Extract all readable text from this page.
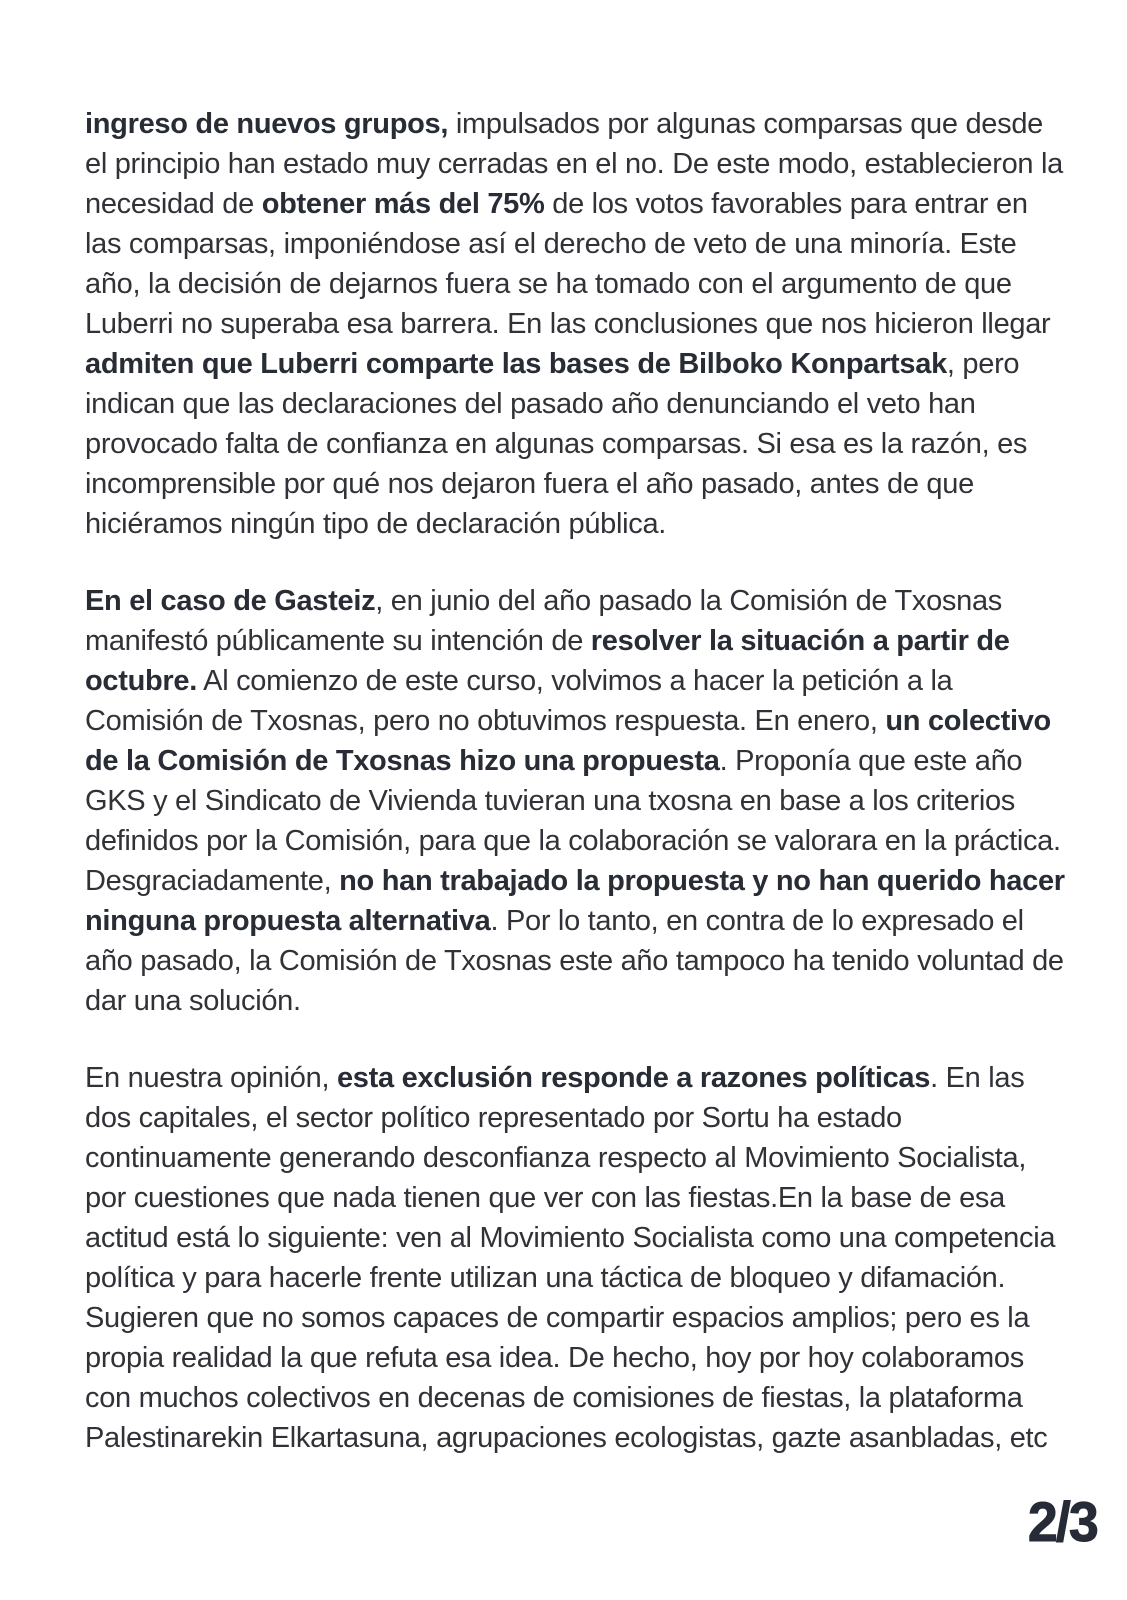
ingreso de nuevos grupos, impulsados por algunas comparsas que desde el principio han estado muy cerradas en el no. De este modo, establecieron la necesidad de obtener más del 75% de los votos favorables para entrar en las comparsas, imponiéndose así el derecho de veto de una minoría. Este año, la decisión de dejarnos fuera se ha tomado con el argumento de que Luberri no superaba esa barrera. En las conclusiones que nos hicieron llegar admiten que Luberri comparte las bases de Bilboko Konpartsak, pero indican que las declaraciones del pasado año denunciando el veto han provocado falta de confianza en algunas comparsas. Si esa es la razón, es incomprensible por qué nos dejaron fuera el año pasado, antes de que hiciéramos ningún tipo de declaración pública.

En el caso de Gasteiz, en junio del año pasado la Comisión de Txosnas manifestó públicamente su intención de resolver la situación a partir de octubre. Al comienzo de este curso, volvimos a hacer la petición a la Comisión de Txosnas, pero no obtuvimos respuesta. En enero, un colectivo de la Comisión de Txosnas hizo una propuesta. Proponía que este año GKS y el Sindicato de Vivienda tuvieran una txosna en base a los criterios definidos por la Comisión, para que la colaboración se valorara en la práctica. Desgraciadamente, no han trabajado la propuesta y no han querido hacer ninguna propuesta alternativa. Por lo tanto, en contra de lo expresado el año pasado, la Comisión de Txosnas este año tampoco ha tenido voluntad de dar una solución.

En nuestra opinión, esta exclusión responde a razones políticas. En las dos capitales, el sector político representado por Sortu ha estado continuamente generando desconfianza respecto al Movimiento Socialista, por cuestiones que nada tienen que ver con las fiestas.En la base de esa actitud está lo siguiente: ven al Movimiento Socialista como una competencia política y para hacerle frente utilizan una táctica de bloqueo y difamación. Sugieren que no somos capaces de compartir espacios amplios; pero es la propia realidad la que refuta esa idea. De hecho, hoy por hoy colaboramos con muchos colectivos en decenas de comisiones de fiestas, la plataforma Palestinarekin Elkartasuna, agrupaciones ecologistas, gazte asanbladas, etc

2/3
